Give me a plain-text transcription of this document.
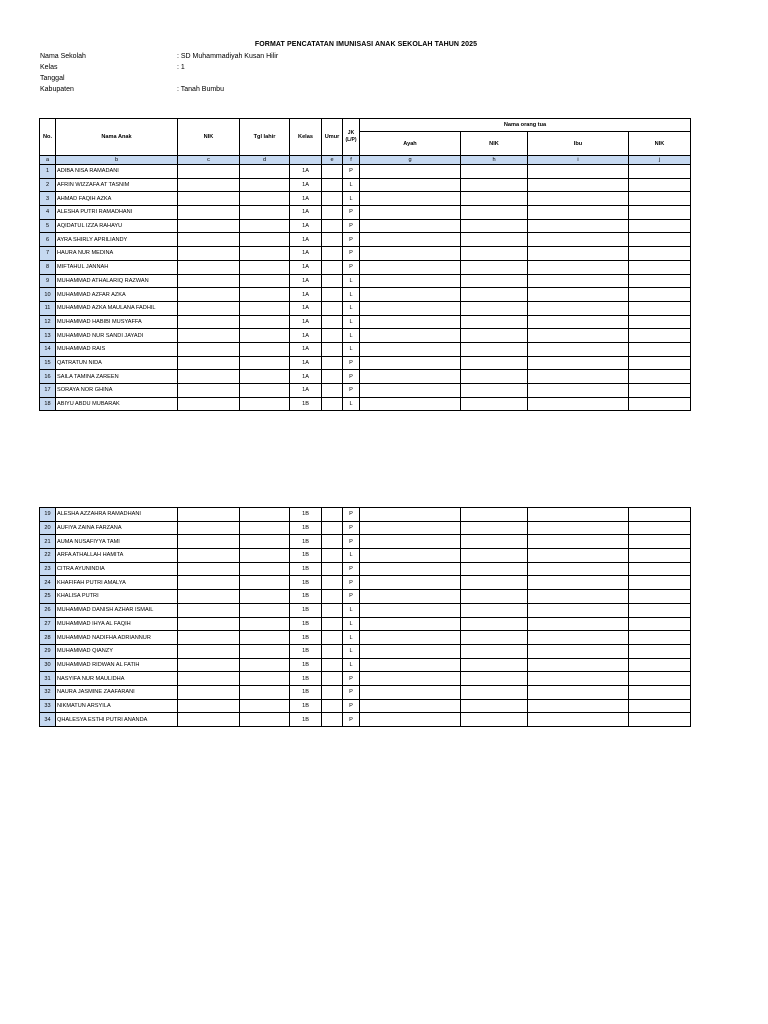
FORMAT PENCATATAN IMUNISASI ANAK SEKOLAH TAHUN 2025
Nama Sekolah	: SD Muhammadiyah Kusan Hilir
Kelas	: 1
Tanggal
Kabupaten	: Tanah Bumbu
No.	Nama Anak	NIK	Tgl lahir	Kelas	Umur	JK (L/P)	Nama orang tua			
							Ayah	NIK	Ibu	NIK
a	b	c	d		e	f	g	h	i	j
1	ADIBA NISA RAMADANI			1A		P				
2	AFRIN WIZZAFA AT TASNIM			1A		L				
3	AHMAD FAQIH AZKA			1A		L				
4	ALESHA PUTRI RAMADHANI			1A		P				
5	AQIDATUL IZZA RAHAYU			1A		P				
6	AYRA SHIRLY APRILIANDY			1A		P				
7	HAURA NUR MEDINA			1A		P				
8	MIFTAHUL JANNAH			1A		P				
9	MUHAMMAD ATHALARIQ RAZWAN			1A		L				
10	MUHAMMAD AZFAR AZKA			1A		L				
11	MUHAMMAD AZKA MAULANA FADHIL			1A		L				
12	MUHAMMAD HABIBI MUSYAFFA			1A		L				
13	MUHAMMAD NUR SANDI JAYADI			1A		L				
14	MUHAMMAD RAIS			1A		L				
15	QATRATUN NIDA			1A		P				
16	SAILA TAMINA ZAREEN			1A		P				
17	SORAYA NOR GHINA			1A		P				
18	ABIYU ABDU MUBARAK			1B		L				
19	ALESHA AZZAHRA RAMADHANI			1B		P				
20	AUFIYA ZAINA FARZANA			1B		P				
21	AUMA NUSAFIYYA TAMI			1B		P				
22	ARFA ATHALLAH HAMITA			1B		L				
23	CITRA AYUNINDIA			1B		P				
24	KHAFIFAH PUTRI AMALYA			1B		P				
25	KHALISA PUTRI			1B		P				
26	MUHAMMAD DANISH AZHAR ISMAIL			1B		L				
27	MUHAMMAD IHYA AL FAQIH			1B		L				
28	MUHAMMAD NADIFHA ADRIANNUR			1B		L				
29	MUHAMMAD QIANZY			1B		L				
30	MUHAMMAD RIDWAN AL FATIH			1B		L				
31	NASYIFA NUR MAULIDHA			1B		P				
32	NAURA JASMINE ZAAFARANI			1B		P				
33	NIKMATUN ARSYILA			1B		P				
34	QHALESYA ESTHI PUTRI ANANDA			1B		P				
